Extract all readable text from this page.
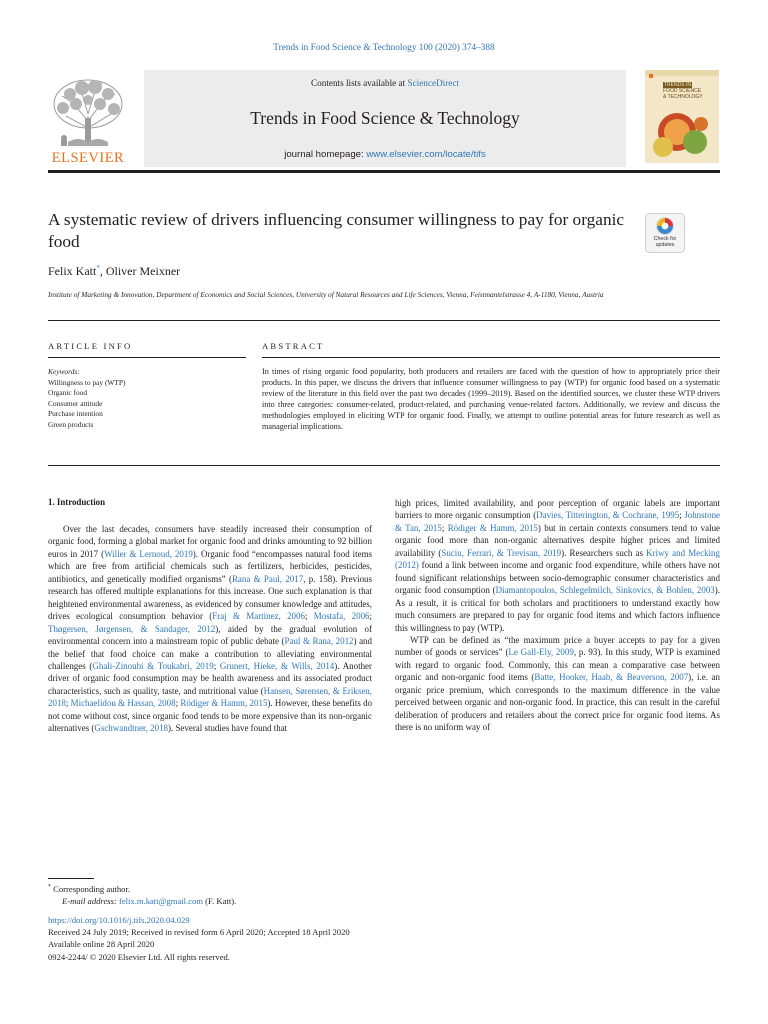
Trends in Food Science & Technology 100 (2020) 374–388
ELSEVIER
Contents lists available at ScienceDirect
Trends in Food Science & Technology
journal homepage: www.elsevier.com/locate/tifs
TRENDS IN
FOOD SCIENCE
& TECHNOLOGY
A systematic review of drivers influencing consumer willingness to pay for organic food	Check for
updates
Felix Katt*, Oliver Meixner
Institute of Marketing & Innovation, Department of Economics and Social Sciences, University of Natural Resources and Life Sciences, Vienna, Feistmantelstrasse 4, A-1180, Vienna, Austria
ARTICLE INFO	ABSTRACT
Keywords:
Willingness to pay (WTP)
Organic food
Consumer attitude
Purchase intention
Green products
In times of rising organic food popularity, both producers and retailers are faced with the question of how to appropriately price their products. In this paper, we discuss the drivers that influence consumer willingness to pay (WTP) for organic food based on a systematic review of the literature in this field over the past two decades (1999–2019). Based on the identified sources, we cluster these WTP drivers into three categories: consumer-related, product-related, and purchasing venue-related factors. Additionally, we review and discuss the methodologies employed in eliciting WTP for organic food. Finally, we attempt to outline potential areas for future research as well as managerial implications.
1. Introduction

Over the last decades, consumers have steadily increased their consumption of organic food, forming a global market for organic food and drinks amounting to 92 billion euros in 2017 (Willer & Lernoud, 2019). Organic food “encompasses natural food items which are free from artificial chemicals such as fertilizers, herbicides, pesticides, antibiotics, and genetically modified organisms” (Rana & Paul, 2017, p. 158). Previous research has offered multiple explanations for this increase. One such explanation is that heightened environmental awareness, as evidenced by consumer knowledge and attitudes, drives ecological consumption behavior (Fraj & Martinez, 2006; Mostafa, 2006; Thøgersen, Jørgensen, & Sandager, 2012), aided by the gradual evolution of environmental concern into a mainstream topic of public debate (Paul & Rana, 2012) and the belief that food choice can make a contribution to alleviating environmental challenges (Ghali-Zinoubi & Toukabri, 2019; Grunert, Hieke, & Wills, 2014). Another driver of organic food consumption may be health awareness and its associated product characteristics, such as quality, taste, and nutritional value (Hansen, Sørensen, & Eriksen, 2018; Michaelidou & Hassan, 2008; Rödiger & Hamm, 2015). However, these benefits do not come without cost, since organic food tends to be more expensive than its non-organic alternatives (Gschwandtner, 2018). Several studies have found that

high prices, limited availability, and poor perception of organic labels are important barriers to more organic consumption (Davies, Titterington, & Cochrane, 1995; Johnstone & Tan, 2015; Rödiger & Hamm, 2015) but in certain contexts consumers tend to value organic food more than non-organic alternatives despite higher prices and limited availability (Suciu, Ferrari, & Trevisan, 2019). Researchers such as Kriwy and Mecking (2012) found a link between income and organic food expenditure, while others have not found significant relationships between socio-demographic consumer characteristics and organic food consumption (Diamantopoulos, Schlegelmilch, Sinkovics, & Bohlen, 2003). As a result, it is critical for both scholars and practitioners to understand exactly how much consumers are prepared to pay for organic food items and which factors influence this willingness to pay (WTP).

WTP can be defined as “the maximum price a buyer accepts to pay for a given number of goods or services” (Le Gall-Ely, 2009, p. 93). In this study, WTP is examined with regard to organic food. Commonly, this can mean a comparative case between organic and non-organic food items (Batte, Hooker, Haab, & Beaverson, 2007), i.e. an organic price premium, which corresponds to the maximum difference in the value perceived between organic and non-organic food. In practice, this can result in the careful deliberation of producers and retailers about the correct price for organic food items. As there is no uniform way of

* Corresponding author.
E-mail address: felix.m.katt@gmail.com (F. Katt).
https://doi.org/10.1016/j.tifs.2020.04.029
Received 24 July 2019; Received in revised form 6 April 2020; Accepted 18 April 2020
Available online 28 April 2020
0924-2244/ © 2020 Elsevier Ltd. All rights reserved.
